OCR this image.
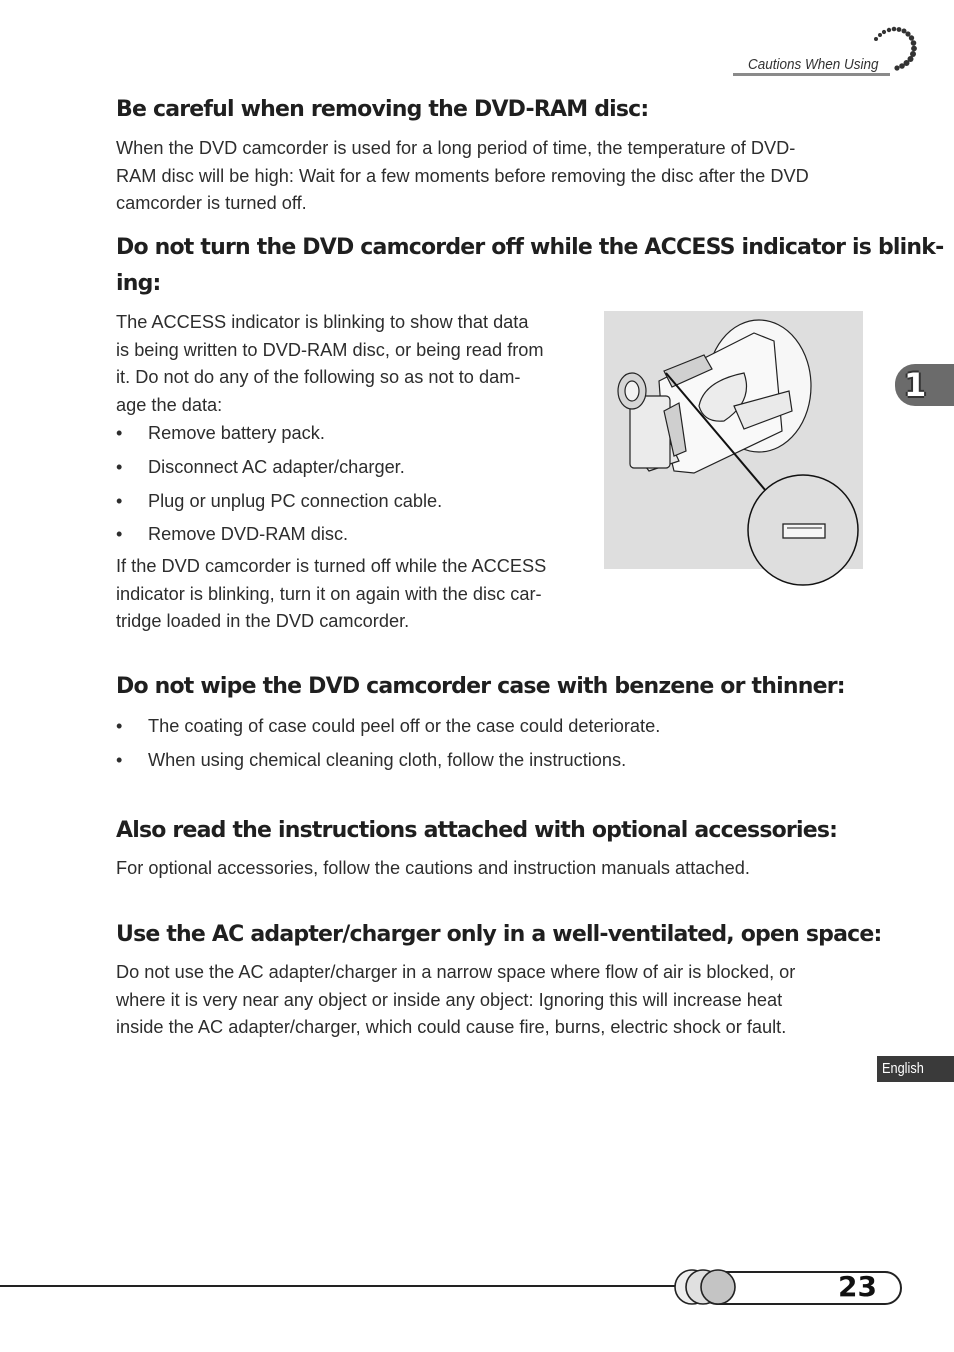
Cautions When Using
1
Be careful when removing the DVD-RAM disc:
When the DVD camcorder is used for a long period of time, the temperature of DVD-
RAM disc will be high: Wait for a few moments before removing the disc after the DVD
camcorder is turned off.
Do not turn the DVD camcorder off while the ACCESS indicator is blink-
ing:
The ACCESS indicator is blinking to show that data
is being written to DVD-RAM disc, or being read from
it. Do not do any of the following so as not to dam-
age the data:
• Remove battery pack.
• Disconnect AC adapter/charger.
• Plug or unplug PC connection cable.
• Remove DVD-RAM disc.
If the DVD camcorder is turned off while the ACCESS
indicator is blinking, turn it on again with the disc car-
tridge loaded in the DVD camcorder.
Do not wipe the DVD camcorder case with benzene or thinner:
• The coating of case could peel off or the case could deteriorate.
• When using chemical cleaning cloth, follow the instructions.
Also read the instructions attached with optional accessories:
For optional accessories, follow the cautions and instruction manuals attached.
Use the AC adapter/charger only in a well-ventilated, open space:
Do not use the AC adapter/charger in a narrow space where flow of air is blocked, or
where it is very near any object or inside any object: Ignoring this will increase heat
inside the AC adapter/charger, which could cause fire, burns, electric shock or fault.
English
23
